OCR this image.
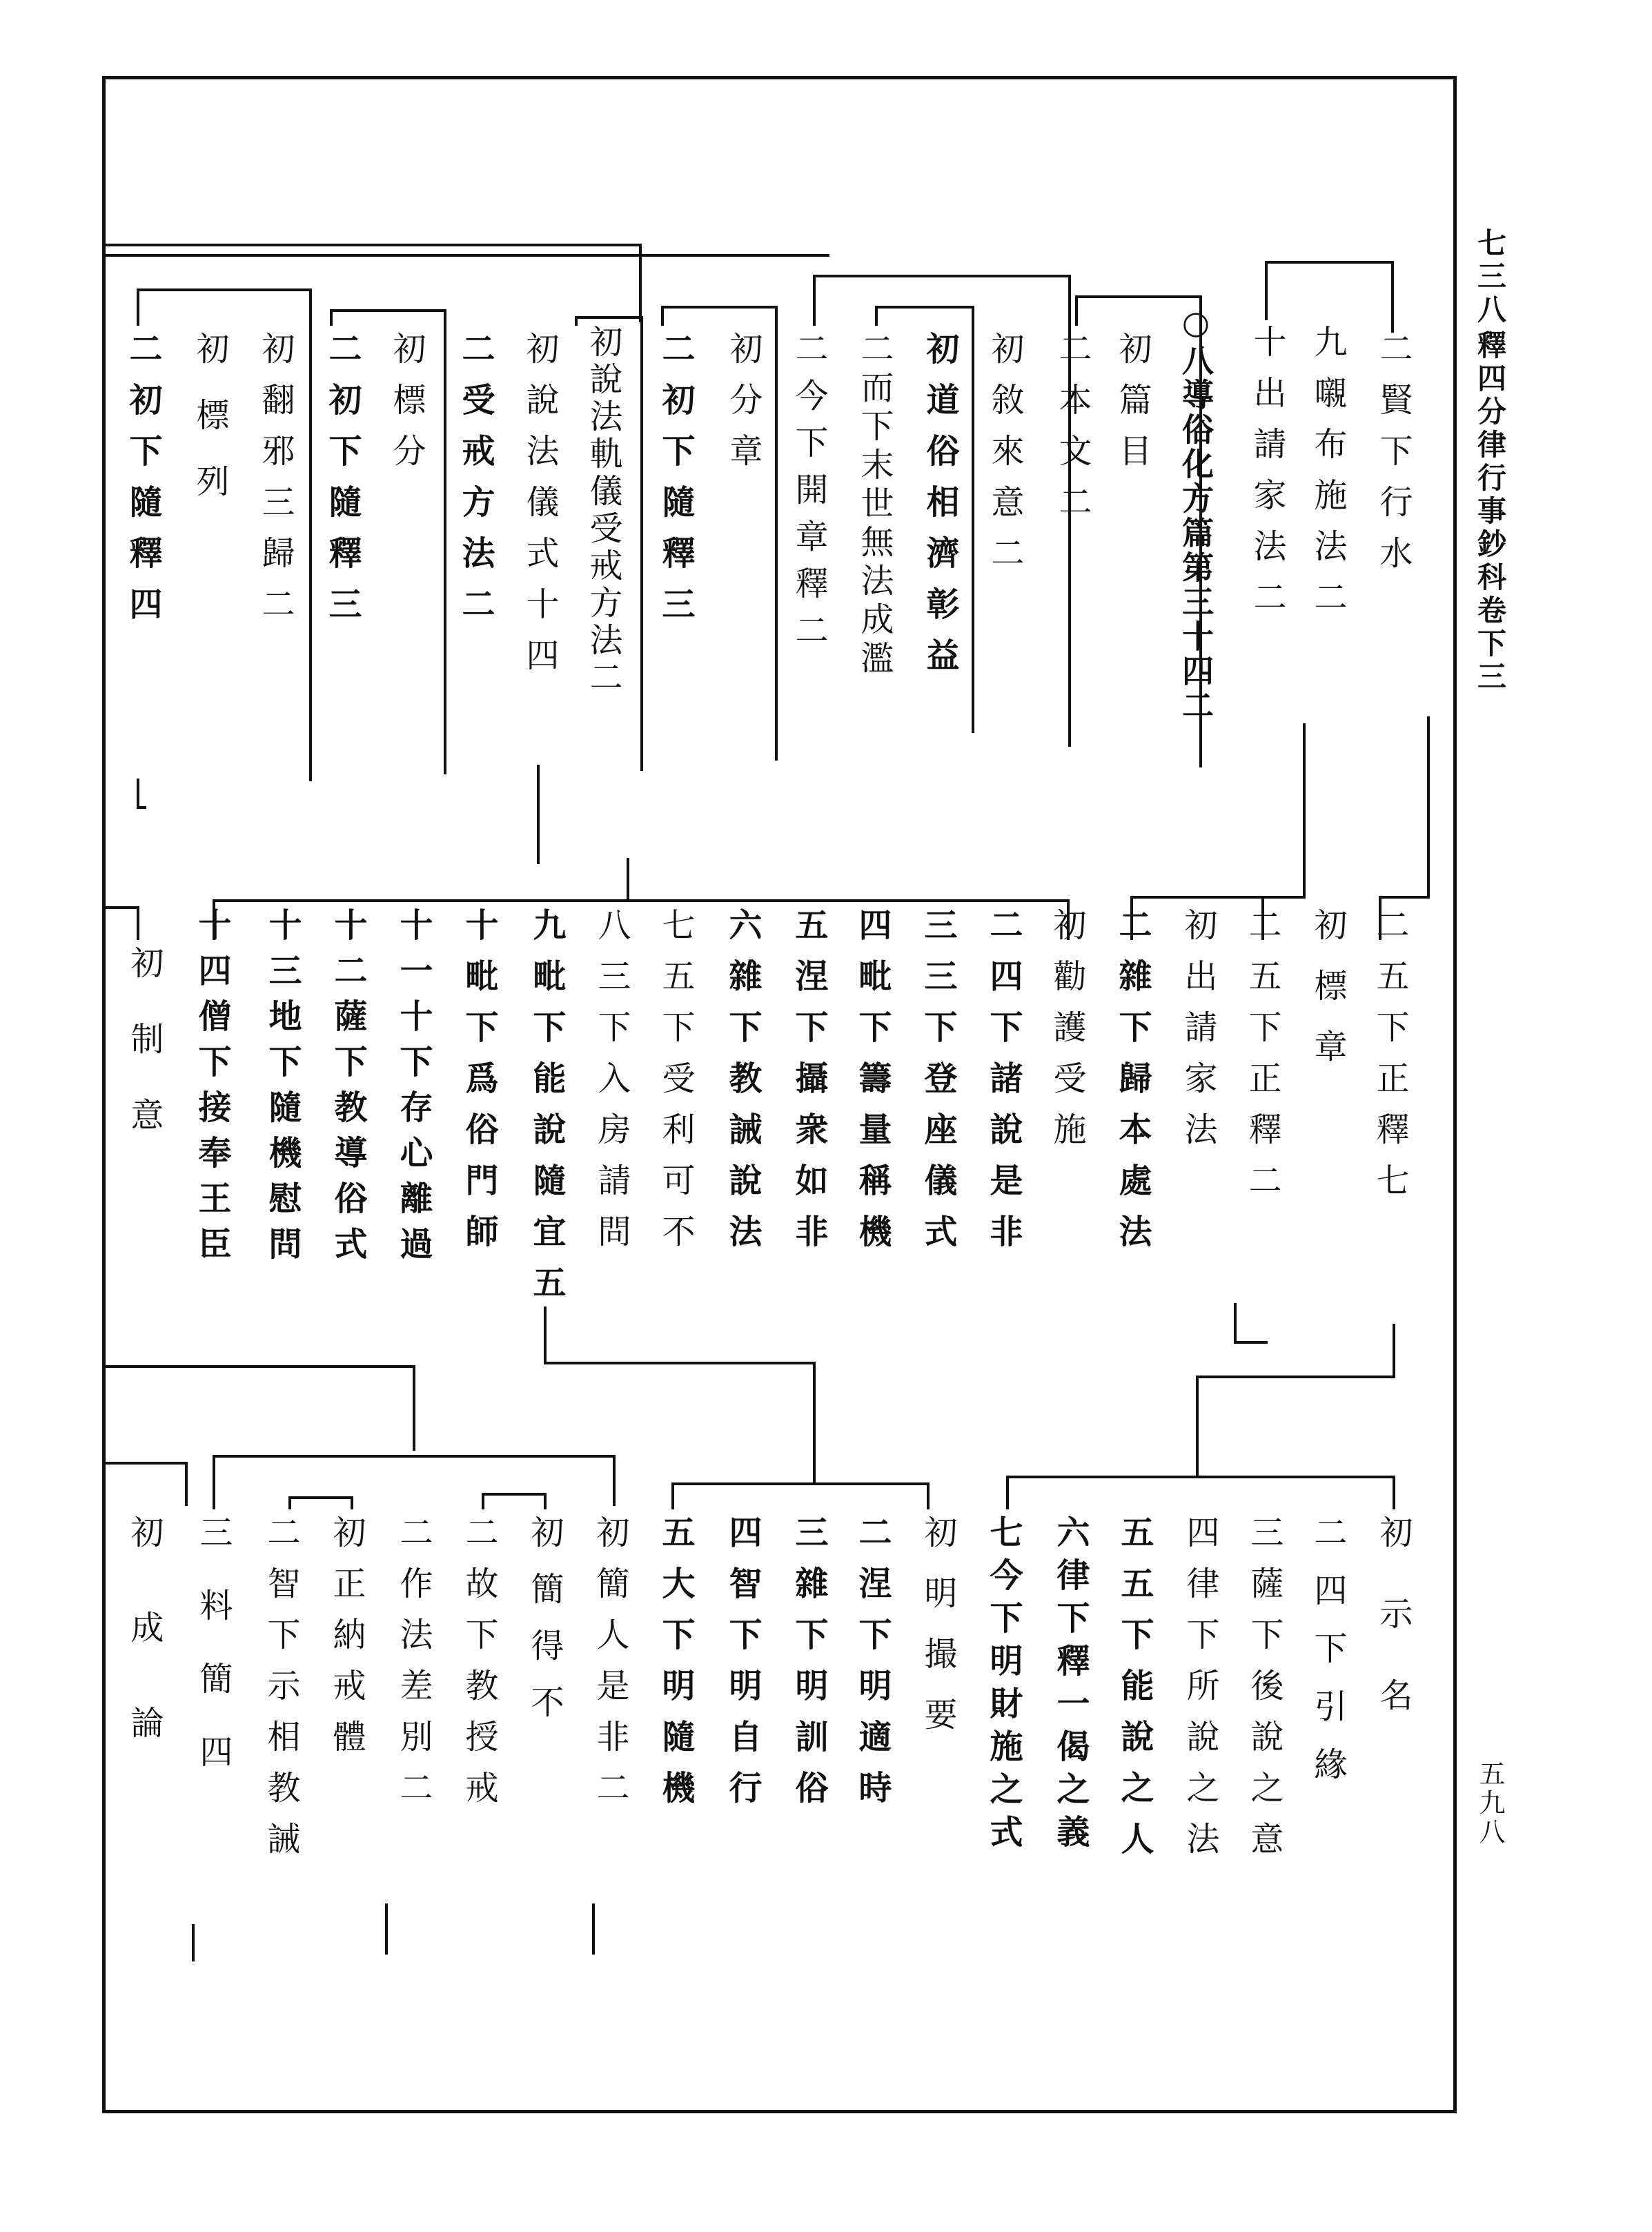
七三八
釋四分律行事鈔科卷下三
五九八
二賢下行水
九嚫布施法二
十出請家法二
○八導俗化方篇第三十四二
初篇目
二本文二
初敘來意二
初道俗相濟彰益
二而下末世無法成濫
二今下開章釋二
初分章
二初下隨釋三
初說法軌儀受戒方法二
初說法儀式十四
二受戒方法二
初標分
二初下隨釋三
初翻邪三歸二
初標列
二初下隨釋四
二五下正釋七
初標章
二五下正釋二
初出請家法
二雜下歸本處法
初勸護受施
二四下諸說是非
三三下登座儀式
四毗下籌量稱機
五涅下攝衆如非
六雜下教誡說法
七五下受利可不
八三下入房請問
九毗下能說隨宜五
十毗下爲俗門師
十一十下存心離過
十二薩下教導俗式
十三地下隨機慰問
十四僧下接奉王臣
初制意
初示名
二四下引緣
三薩下後說之意
四律下所說之法
五五下能說之人
六律下釋一偈之義
七今下明財施之式
初明撮要
二涅下明適時
三雜下明訓俗
四智下明自行
五大下明隨機
初簡人是非二
初簡得不
二故下教授戒
二作法差別二
初正納戒體
二智下示相教誡
三料簡四
初成論
